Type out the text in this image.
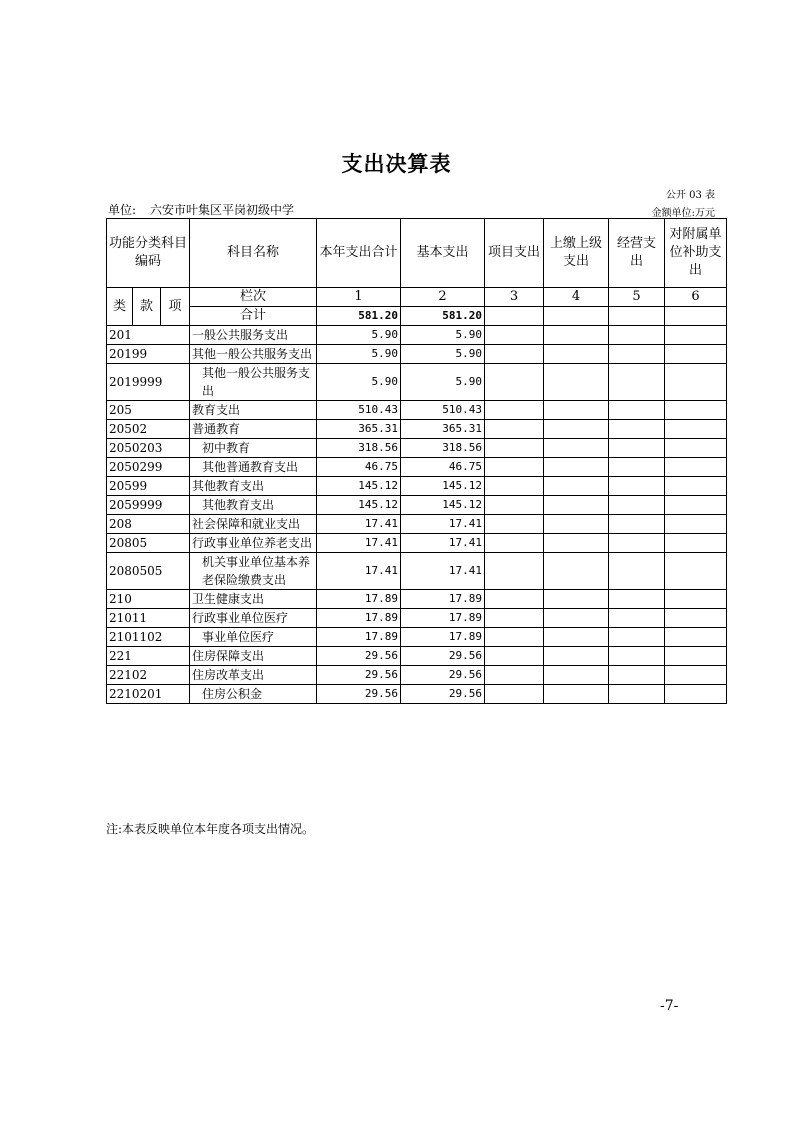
支出决算表
公开 03 表
单位: 六安市叶集区平岗初级中学	金额单位:万元
功能分类科目编码			科目名称	本年支出合计	基本支出	项目支出	上缴上级支出	经营支出	对附属单位补助支出
类	款	项	栏次	1	2	3	4	5	6
			合计	581.20	581.20				
201			一般公共服务支出	5.90	5.90				
20199			其他一般公共服务支出	5.90	5.90				
2019999			其他一般公共服务支出	5.90	5.90				
205			教育支出	510.43	510.43				
20502			普通教育	365.31	365.31				
2050203			初中教育	318.56	318.56				
2050299			其他普通教育支出	46.75	46.75				
20599			其他教育支出	145.12	145.12				
2059999			其他教育支出	145.12	145.12				
208			社会保障和就业支出	17.41	17.41				
20805			行政事业单位养老支出	17.41	17.41				
2080505			机关事业单位基本养老保险缴费支出	17.41	17.41				
210			卫生健康支出	17.89	17.89				
21011			行政事业单位医疗	17.89	17.89				
2101102			事业单位医疗	17.89	17.89				
221			住房保障支出	29.56	29.56				
22102			住房改革支出	29.56	29.56				
2210201			住房公积金	29.56	29.56				
注:本表反映单位本年度各项支出情况。
-7-
